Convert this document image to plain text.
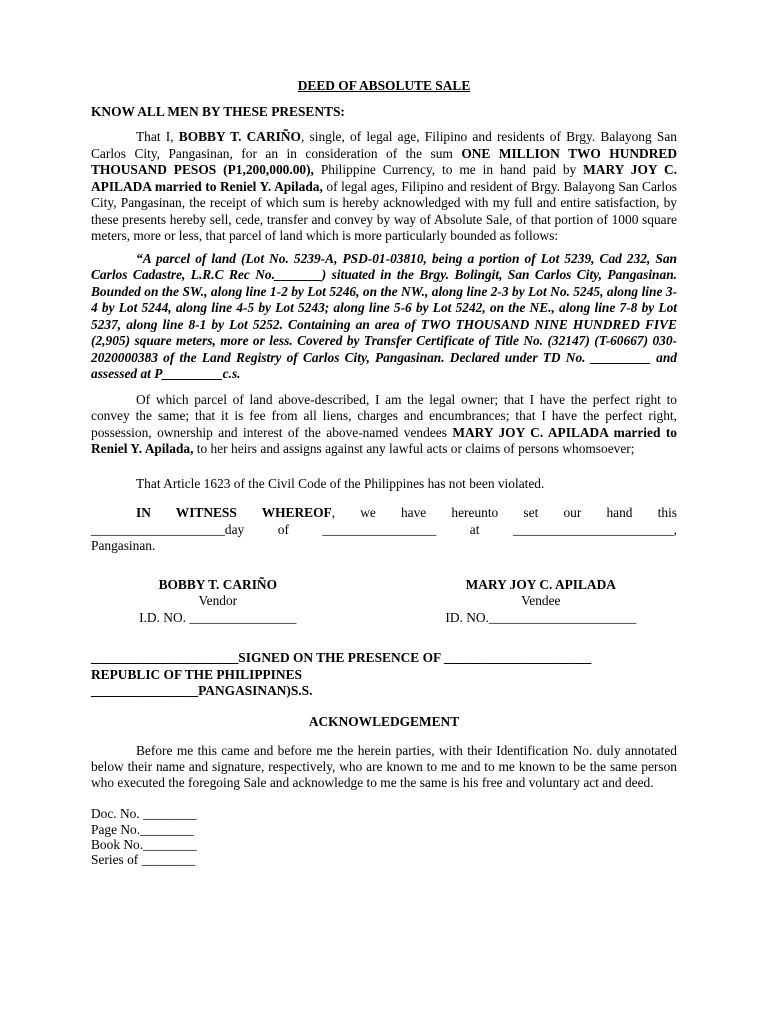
DEED OF ABSOLUTE SALE
KNOW ALL MEN BY THESE PRESENTS:

That I, BOBBY T. CARIÑO, single, of legal age, Filipino and residents of Brgy. Balayong San Carlos City, Pangasinan, for an in consideration of the sum ONE MILLION TWO HUNDRED THOUSAND PESOS (P1,200,000.00), Philippine Currency, to me in hand paid by MARY JOY C. APILADA married to Reniel Y. Apilada, of legal ages, Filipino and resident of Brgy. Balayong San Carlos City, Pangasinan, the receipt of which sum is hereby acknowledged with my full and entire satisfaction, by these presents hereby sell, cede, transfer and convey by way of Absolute Sale, of that portion of 1000 square meters, more or less, that parcel of land which is more particularly bounded as follows:

“A parcel of land (Lot No. 5239-A, PSD-01-03810, being a portion of Lot 5239, Cad 232, San Carlos Cadastre, L.R.C Rec No._______) situated in the Brgy. Bolingit, San Carlos City, Pangasinan. Bounded on the SW., along line 1-2 by Lot 5246, on the NW., along line 2-3 by Lot No. 5245, along line 3-4 by Lot 5244, along line 4-5 by Lot 5243; along line 5-6 by Lot 5242, on the NE., along line 7-8 by Lot 5237, along line 8-1 by Lot 5252. Containing an area of TWO THOUSAND NINE HUNDRED FIVE (2,905) square meters, more or less. Covered by Transfer Certificate of Title No. (32147) (T-60667) 030-2020000383 of the Land Registry of Carlos City, Pangasinan. Declared under TD No. _________ and assessed at P_________c.s.

Of which parcel of land above-described, I am the legal owner; that I have the perfect right to convey the same; that it is fee from all liens, charges and encumbrances; that I have the perfect right, possession, ownership and interest of the above-named vendees MARY JOY C. APILADA married to Reniel Y. Apilada, to her heirs and assigns against any lawful acts or claims of persons whomsoever;

That Article 1623 of the Civil Code of the Philippines has not been violated.

IN WITNESS WHEREOF, we have hereunto set our hand this

____________________day of _________________ at ________________________,

Pangasinan.

BOBBY T. CARIÑO
Vendor
I.D. NO. ________________
MARY JOY C. APILADA
Vendee
ID. NO.______________________
______________________SIGNED ON THE PRESENCE OF ______________________
REPUBLIC OF THE PHILIPPINES
________________PANGASINAN)S.S.
ACKNOWLEDGEMENT

Before me this came and before me the herein parties, with their Identification No. duly annotated below their name and signature, respectively, who are known to me and to me known to be the same person who executed the foregoing Sale and acknowledge to me the same is his free and voluntary act and deed.

Doc. No. ________
Page No.________
Book No.________
Series of ________
